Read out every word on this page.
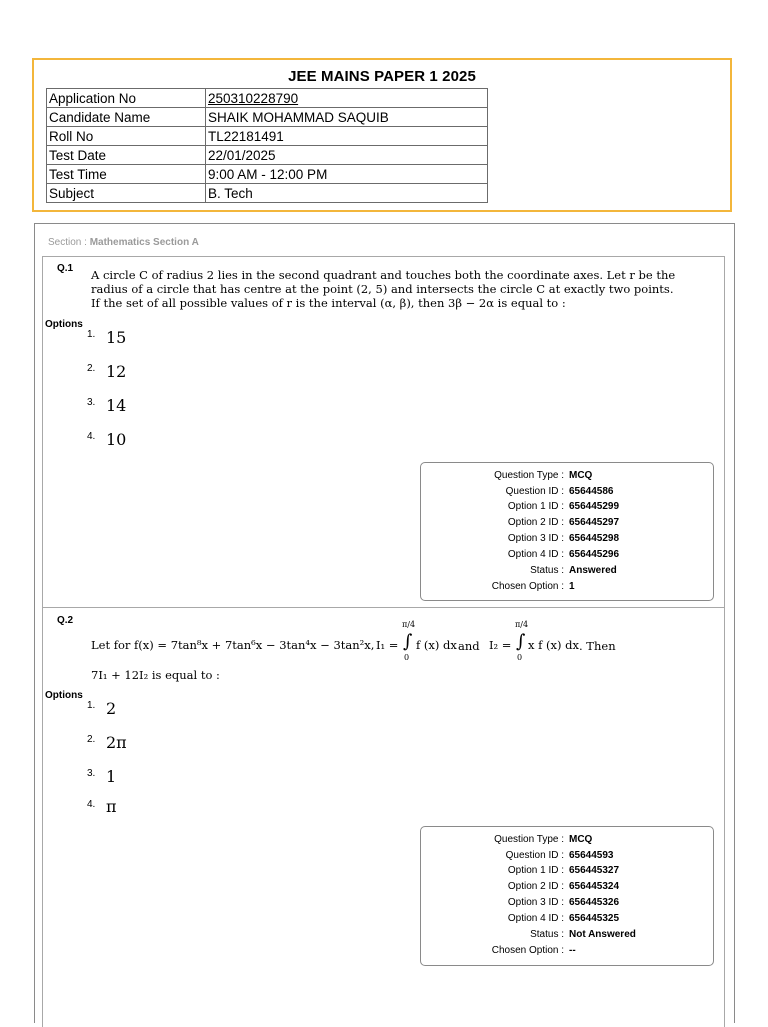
JEE MAINS PAPER 1 2025
Application No	250310228790
Candidate Name	SHAIK MOHAMMAD SAQUIB
Roll No	TL22181491
Test Date	22/01/2025
Test Time	9:00 AM - 12:00 PM
Subject	B. Tech
Section : Mathematics Section A
Q.1 A circle C of radius 2 lies in the second quadrant and touches both the coordinate axes. Let r be the
radius of a circle that has centre at the point (2, 5) and intersects the circle C at exactly two points.
If the set of all possible values of r is the interval (α, β), then 3β − 2α is equal to :
Options
1. 15
2. 12
3. 14
4. 10
Question Type : MCQ
Question ID : 65644586
Option 1 ID : 656445299
Option 2 ID : 656445297
Option 3 ID : 656445298
Option 4 ID : 656445296
Status : Answered
Chosen Option : 1
Q.2
Let for f(x) = 7tan⁸x + 7tan⁶x − 3tan⁴x − 3tan²x, I₁ =
π/4
∫
0
f (x) dx and I₂ =
π/4
∫
0
x f (x) dx . Then
7I₁ + 12I₂ is equal to :
Options
1. 2
2. 2π
3. 1
4. π
Question Type : MCQ
Question ID : 65644593
Option 1 ID : 656445327
Option 2 ID : 656445324
Option 3 ID : 656445326
Option 4 ID : 656445325
Status : Not Answered
Chosen Option : --
